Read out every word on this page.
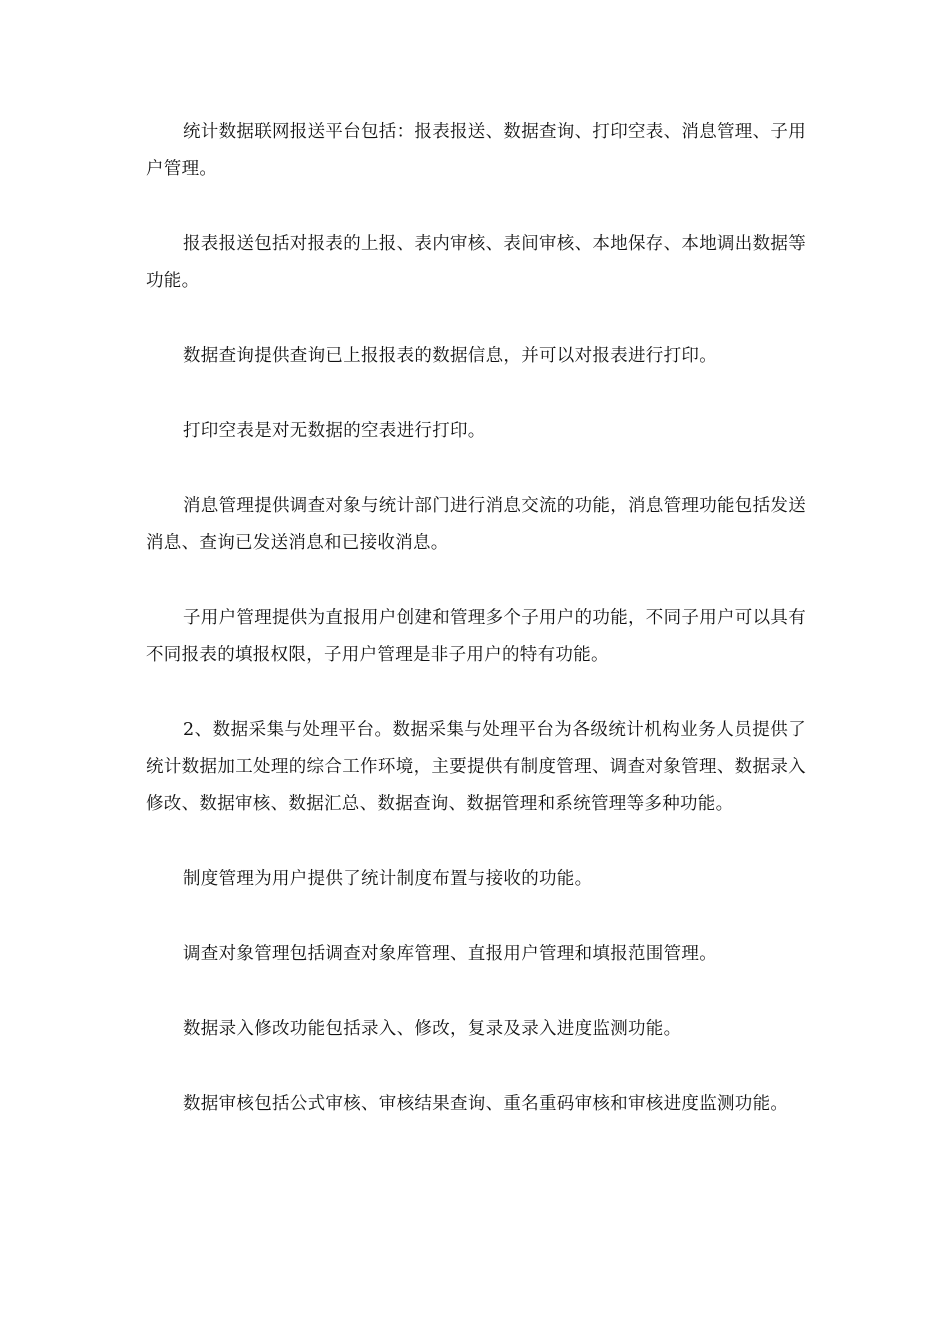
统计数据联网报送平台包括：报表报送、数据查询、打印空表、消息管理、子用户管理。

报表报送包括对报表的上报、表内审核、表间审核、本地保存、本地调出数据等功能。

数据查询提供查询已上报报表的数据信息，并可以对报表进行打印。

打印空表是对无数据的空表进行打印。

消息管理提供调查对象与统计部门进行消息交流的功能，消息管理功能包括发送消息、查询已发送消息和已接收消息。

子用户管理提供为直报用户创建和管理多个子用户的功能，不同子用户可以具有不同报表的填报权限，子用户管理是非子用户的特有功能。

2、数据采集与处理平台。数据采集与处理平台为各级统计机构业务人员提供了统计数据加工处理的综合工作环境，主要提供有制度管理、调查对象管理、数据录入修改、数据审核、数据汇总、数据查询、数据管理和系统管理等多种功能。

制度管理为用户提供了统计制度布置与接收的功能。

调查对象管理包括调查对象库管理、直报用户管理和填报范围管理。

数据录入修改功能包括录入、修改，复录及录入进度监测功能。

数据审核包括公式审核、审核结果查询、重名重码审核和审核进度监测功能。
